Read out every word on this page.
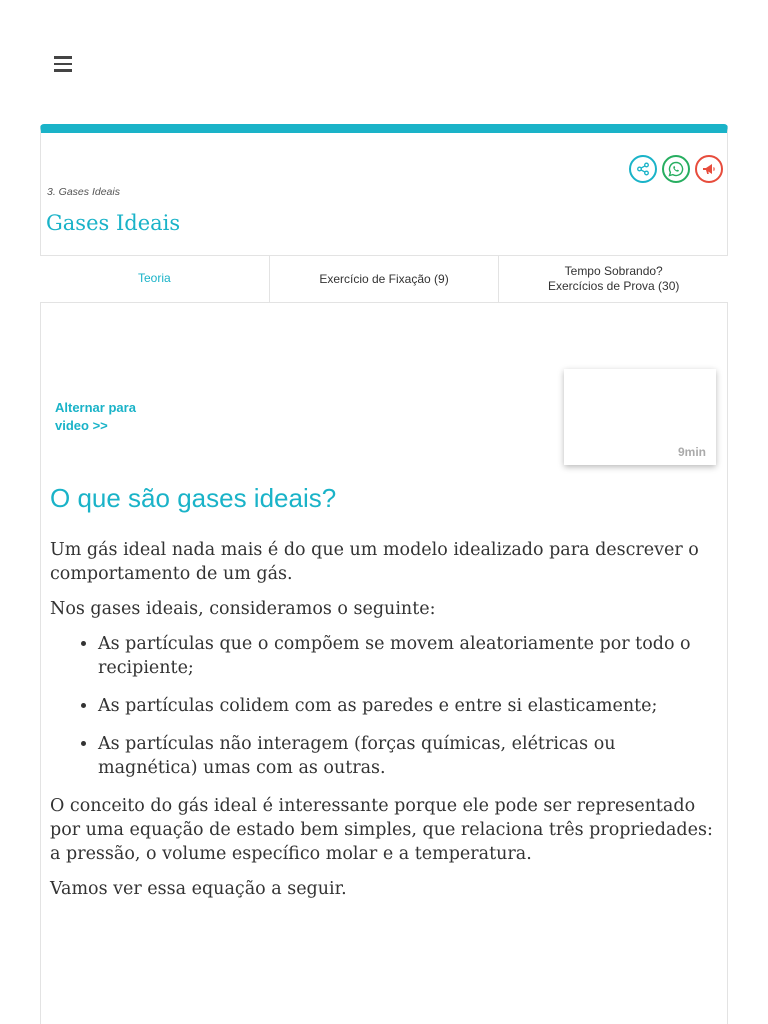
3. Gases Ideais
Gases Ideais
Teoria	Exercício de Fixação (9)
Tempo Sobrando?
Exercícios de Prova (30)
Alternar para
video >>
9min
O que são gases ideais?

Um gás ideal nada mais é do que um modelo idealizado para descrever o comportamento de um gás.

Nos gases ideais, consideramos o seguinte:

• As partículas que o compõem se movem aleatoriamente por todo o recipiente;
• As partículas colidem com as paredes e entre si elasticamente;
• As partículas não interagem (forças químicas, elétricas ou magnética) umas com as outras.

O conceito do gás ideal é interessante porque ele pode ser representado por uma equação de estado bem simples, que relaciona três propriedades: a pressão, o volume específico molar e a temperatura.

Vamos ver essa equação a seguir.
